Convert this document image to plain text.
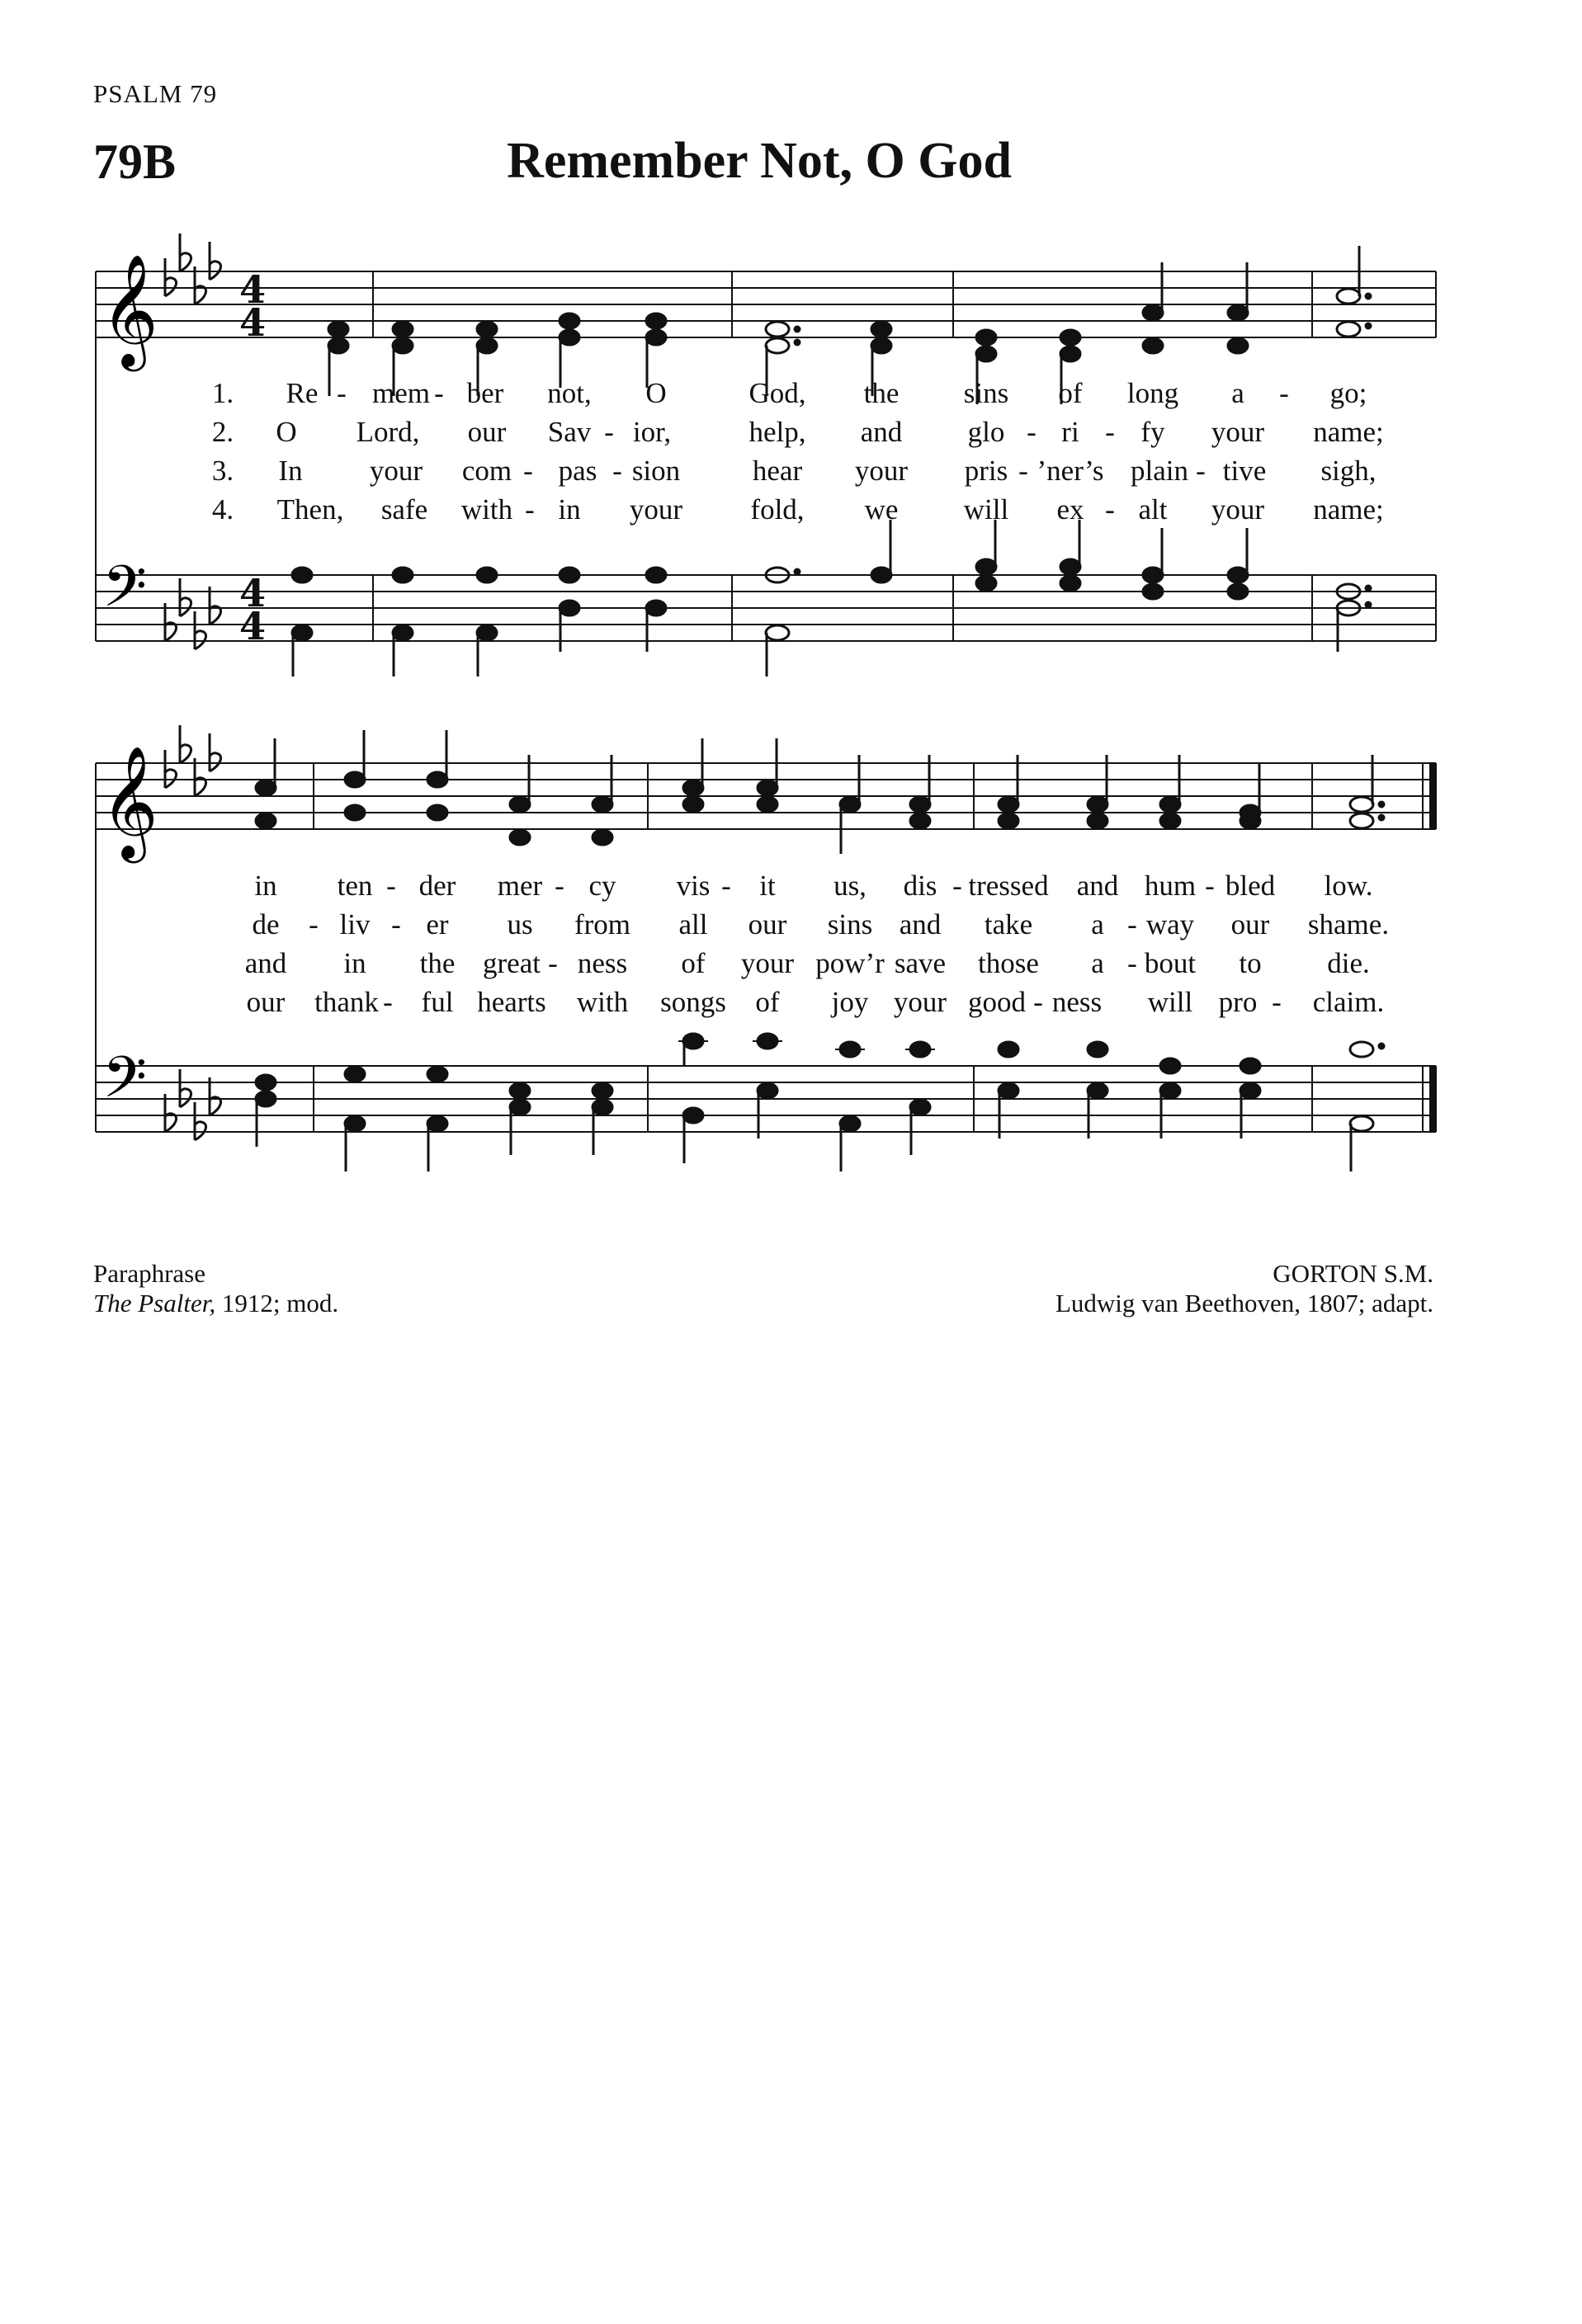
PSALM 79
79B	Remember Not, O God
𝄞
𝄢
4
4
4
4
1. Re - mem - ber not, O	God, the sins of long a - go;
2. O Lord, our Sav - ior,	help, and glo - ri - fy your name;
3. In your com - pas - sion	hear your pris - ’ner’s plain - tive sigh,
4. Then, safe with - in your fold, we will ex - alt your name;
𝄞
𝄢
in ten - der mer - cy vis - it us, dis - tressed and hum - bled low.
de - liv - er us from all our sins and take a - way our shame.
and in the great - ness of your pow’r save those a - bout to die.
our thank - ful hearts with songs of joy your good - ness will pro - claim.
Paraphrase
The Psalter, 1912; mod.
GORTON S.M.
Ludwig van Beethoven, 1807; adapt.
